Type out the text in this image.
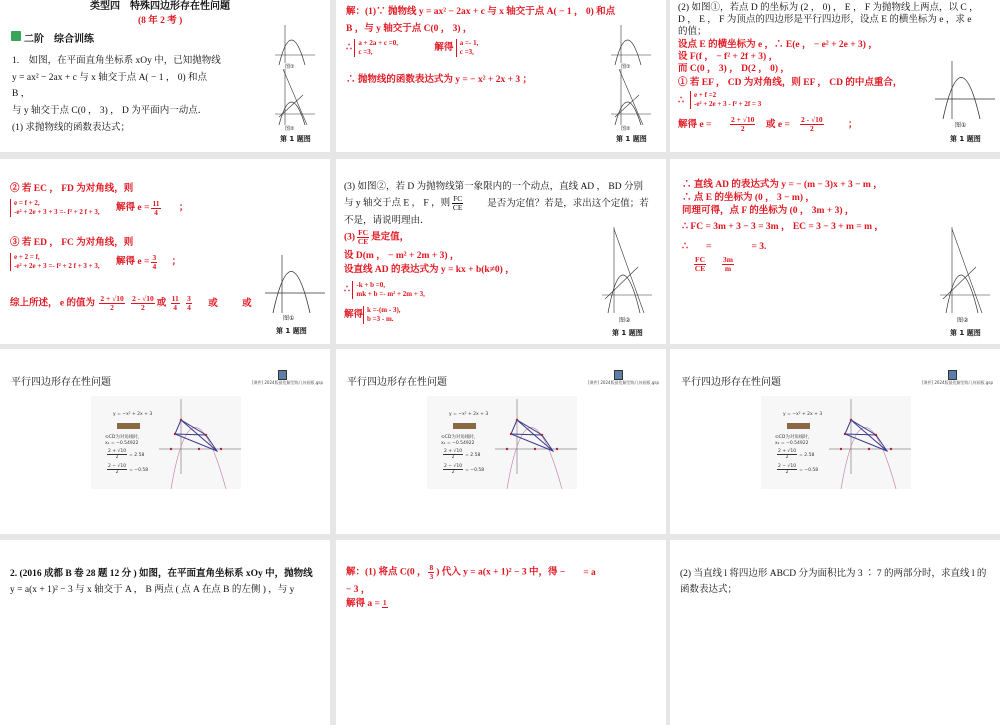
类型四　特殊四边形存在性问题
(8 年 2 考 )
二阶　综合训练
1.　如图，在平面直角坐标系 xOy 中，已知抛物线
y = ax² − 2ax + c 与 x 轴交于点 A( − 1 ， 0) 和点
B ，
与 y 轴交于点 C(0 ， 3) ， D 为平面内一动点．
(1) 求抛物线的函数表达式；
图①
图②
第 1 题图
解：(1)∵ 抛物线 y = ax² − 2ax + c 与 x 轴交于点 A( − 1 ， 0) 和点
B ，与 y 轴交于点 C(0 ， 3) ，
∴ a + 2a + c =0,
c =3,	解得 a =- 1,
c =3,
∴ 抛物线的函数表达式为 y = − x² + 2x + 3 ；
图①
图②
第 1 题图
(2) 如图①，若点 D 的坐标为 (2 ， 0) ， E ， F 为抛物线上两点，以 C ，
D ， E ， F 为顶点的四边形是平行四边形，设点 E 的横坐标为 e ，求 e
的值；
设点 E 的横坐标为 e ，∴ E(e ， − e² + 2e + 3) ，
设 F(f ， − f² + 2f + 3) ，
而 C(0 ， 3) ， D(2 ， 0) ，
① 若 EF ， CD 为对角线，则 EF ， CD 的中点重合，
∴
e + f =2
-e² + 2e + 3 - f² + 2f = 3
解得 $e = \frac{2 + √10}{2}$ 或 $e = \frac{2 - √10}{2}$	；	图①
第 1 题图
② 若 EC ， FD 为对角线，则
e = f + 2,
-e² + 2e + 3 + 3 =- f² + 2 f + 3, 解得 $e = \frac{11}{4}$ ；
③ 若 ED ， FC 为对角线，则
e + 2 = f,
-e² + 2e + 3 =- f² + 2 f + 3 + 3, 解得 $e = \frac{3}{4}$ ；
综上所述， e 的值为 $\frac{2 + √10}{2}$
$\frac{2 - √10}{2}$ 或 $\frac{11}{4}$
$\frac{3}{4}$ 或	或
图①
第 1 题图
(3) 如图②，若 D 为抛物线第一象限内的一个动点，直线 AD ， BD 分别
与 y 轴交于点 E ， F ，则 $\frac{FC}{CE}$	是否为定值？若是，求出这个定值；若
不是，请说明理由．
$(3) \frac{FC}{CE}$ 是定值，
设 D(m ， − m² + 2m + 3) ，
设直线 AD 的表达式为 y = kx + b(k≠0) ，
∴ -k + b =0,
mk + b =- m² + 2m + 3,
解得k =-(m - 3),
b =3 - m.	图②
第 1 题图
∴ 直线 AD 的表达式为 y = − (m − 3)x + 3 − m ，
∴ 点 E 的坐标为 (0 ， 3 − m) ，
同理可得，点 F 的坐标为 (0 ， 3m + 3) ，
∴ FC = 3m + 3 − 3 = 3m ， EC = 3 − 3 + m = m ，
∴ =	= 3.
$\frac{FC}{CE} \frac{3m}{m}$
图②
第 1 题图
平行四边形存在性问题	[课件] 2024版最优解型练几何画板.gsp
y = −x² + 2x + 3
⊙CD为对角线时，
x₂ = −0.54922
$\frac{2 + √10}{2} = 2.58$
$\frac{2 - √10}{2} = -0.58$
平行四边形存在性问题	[课件] 2024版最优解型练几何画板.gsp
y = −x² + 2x + 3
⊙CD为对角线时，
x₂ = −0.54922
$\frac{2 + √10}{2} = 2.58$
$\frac{2 - √10}{2} = -0.58$
平行四边形存在性问题	[课件] 2024版最优解型练几何画板.gsp
y = −x² + 2x + 3
⊙CD为对角线时，
x₂ = −0.54922
$\frac{2 + √10}{2} = 2.58$
$\frac{2 - √10}{2} = -0.58$
2. (2016 成都 B 卷 28 题 12 分 ) 如图，在平面直角坐标系 xOy 中，抛物线
y = a(x + 1)² − 3 与 x 轴交于 A ， B 两点 ( 点 A 在点 B 的左侧 ) ，与 y
解：(1) 将点 C(0 ， $\frac{8}{3}$ ) 代入 y = a(x + 1)² − 3 中，得 − = a
− 3 ，
解得 a = 1
(2) 当直线 l 将四边形 ABCD 分为面积比为 3 ∶ 7 的两部分时，求直线 l 的
函数表达式；
